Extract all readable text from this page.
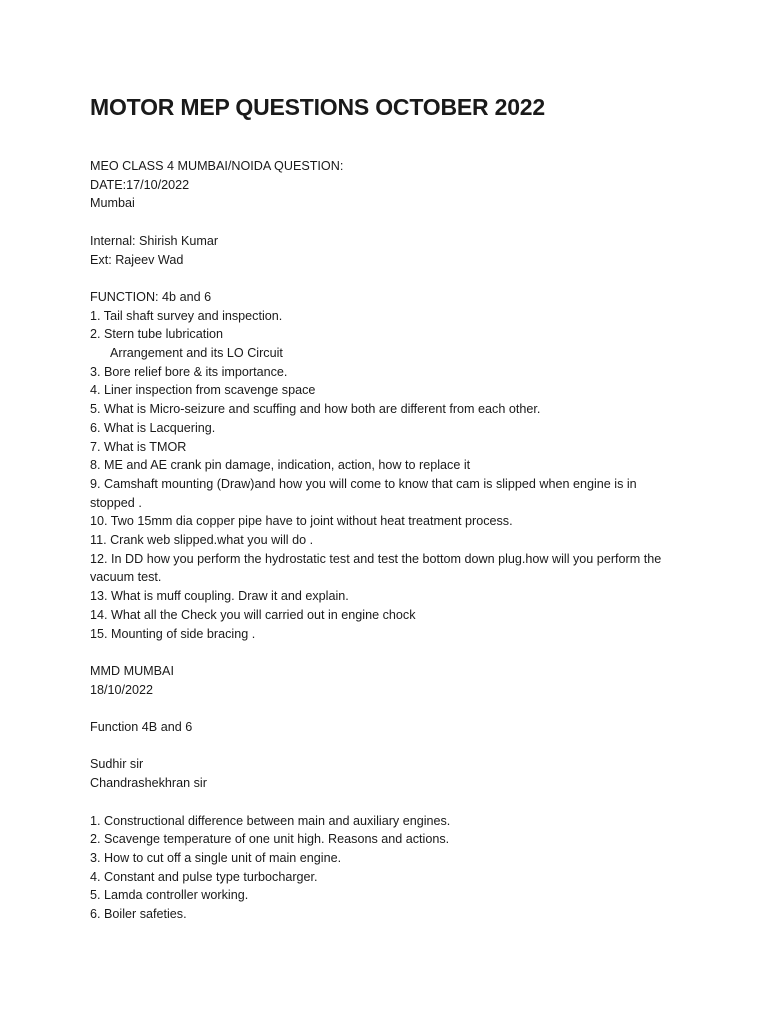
MOTOR MEP QUESTIONS OCTOBER 2022
MEO CLASS 4 MUMBAI/NOIDA QUESTION:
DATE:17/10/2022
Mumbai
Internal: Shirish Kumar
Ext: Rajeev Wad
FUNCTION: 4b and 6
1. Tail shaft survey and inspection.
2. Stern tube lubrication
Arrangement and its LO Circuit
3. Bore relief bore & its importance.
4. Liner inspection from scavenge space
5. What is Micro-seizure and scuffing and how both are different from each other.
6. What is Lacquering.
7. What is TMOR
8. ME and AE crank pin damage, indication, action, how to replace it
9. Camshaft mounting (Draw)and how you will come to know that cam is slipped when engine is in stopped .
10. Two 15mm dia copper pipe have to joint without heat treatment process.
11. Crank web slipped.what you will do .
12. In DD how you perform the hydrostatic test and test the bottom down plug.how will you perform the vacuum test.
13. What is muff coupling. Draw it and explain.
14. What all the Check you will carried out in engine chock
15. Mounting of side bracing .
MMD MUMBAI
18/10/2022
Function 4B and 6
Sudhir sir
Chandrashekhran sir
1. Constructional difference between main and auxiliary engines.
2. Scavenge temperature of one unit high. Reasons and actions.
3. How to cut off a single unit of main engine.
4. Constant and pulse type turbocharger.
5. Lamda controller working.
6. Boiler safeties.
